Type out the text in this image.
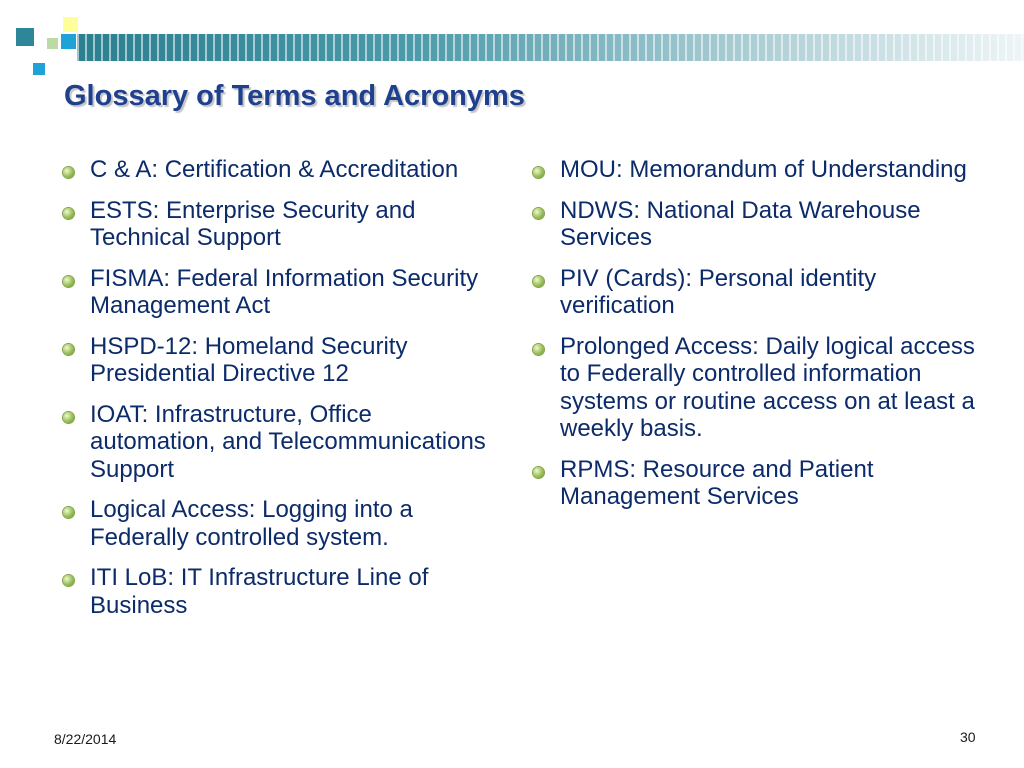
Glossary of Terms and Acronyms
C & A: Certification & Accreditation
ESTS: Enterprise Security and Technical Support
FISMA: Federal Information Security Management Act
HSPD-12: Homeland Security Presidential Directive 12
IOAT: Infrastructure, Office automation, and Telecommunications Support
Logical Access: Logging into a Federally controlled system.
ITI LoB: IT Infrastructure Line of Business
MOU: Memorandum of Understanding
NDWS: National Data Warehouse Services
PIV (Cards): Personal identity verification
Prolonged Access: Daily logical access to Federally controlled information systems or routine access on at least a weekly basis.
RPMS: Resource and Patient Management Services
8/22/2014	30
